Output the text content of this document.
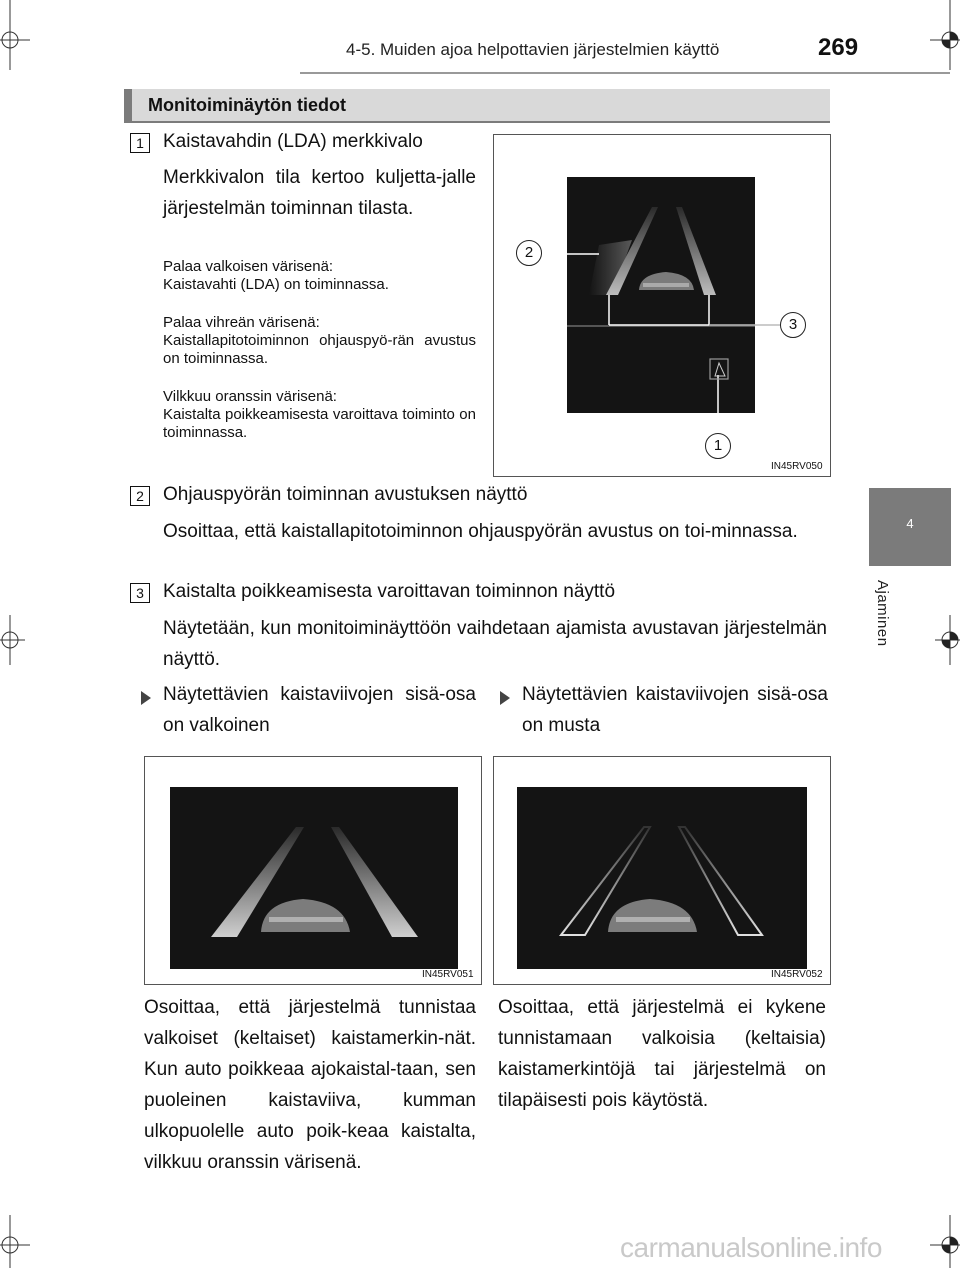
4-5. Muiden ajoa helpottavien järjestelmien käyttö	269
4
Ajaminen
Monitoiminäytön tiedot
1	Kaistavahdin (LDA) merkkivalo
Merkkivalon tila kertoo kuljetta-jalle järjestelmän toiminnan tilasta.
Palaa valkoisen värisenä:
Kaistavahti (LDA) on toiminnassa.
Palaa vihreän värisenä:
Kaistallapitotoiminnon ohjauspyö-rän avustus on toiminnassa.
Vilkkuu oranssin värisenä:
Kaistalta poikkeamisesta varoittava toiminto on toiminnassa.
2
3
1
IN45RV050
2	Ohjauspyörän toiminnan avustuksen näyttö
Osoittaa, että kaistallapitotoiminnon ohjauspyörän avustus on toi-minnassa.
3	Kaistalta poikkeamisesta varoittavan toiminnon näyttö
Näytetään, kun monitoiminäyttöön vaihdetaan ajamista avustavan järjestelmän näyttö.
Näytettävien kaistaviivojen sisä-osa on valkoinen
Näytettävien kaistaviivojen sisä-osa on musta
IN45RV051	IN45RV052
Osoittaa, että järjestelmä tunnistaa valkoiset (keltaiset) kaistamerkin-nät. Kun auto poikkeaa ajokaistal-taan, sen puoleinen kaistaviiva, kumman ulkopuolelle auto poik-keaa kaistalta, vilkkuu oranssin värisenä.
Osoittaa, että järjestelmä ei kykene tunnistamaan valkoisia (keltaisia) kaistamerkintöjä tai järjestelmä on tilapäisesti pois käytöstä.
carmanualsonline.info
